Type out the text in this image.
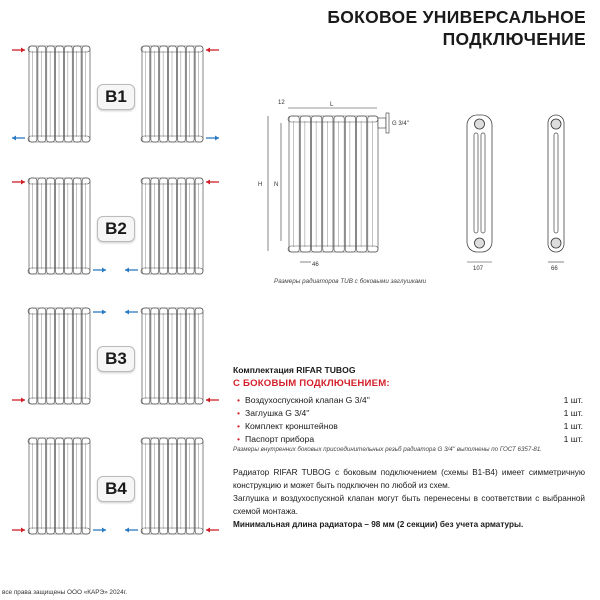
БОКОВОЕ УНИВЕРСАЛЬНОЕ
ПОДКЛЮЧЕНИЕ
B1
B2
B3
B4
12	L
H N
G 3/4''
46
107	66
Размеры радиаторов TUB с боковыми заглушками
Комплектация RIFAR TUBOG
С БОКОВЫМ ПОДКЛЮЧЕНИЕМ:
• Воздухоспускной клапан G 3/4''	1 шт.
• Заглушка G 3/4''	1 шт.
• Комплект кронштейнов	1 шт.
• Паспорт прибора	1 шт.
Размеры внутренних боковых присоединительных резьб радиатора G 3/4'' выполнены по ГОСТ 6357-81.
Радиатор RIFAR TUBOG с боковым подключением (схемы B1-B4) имеет симметричную конструкцию и может быть подключен по любой из схем.
Заглушка и воздухоспускной клапан могут быть перенесены в соответствии с выбранной схемой монтажа.
Минимальная длина радиатора – 98 мм (2 секции) без учета арматуры.
все права защищены ООО «КАРЭ» 2024г.
